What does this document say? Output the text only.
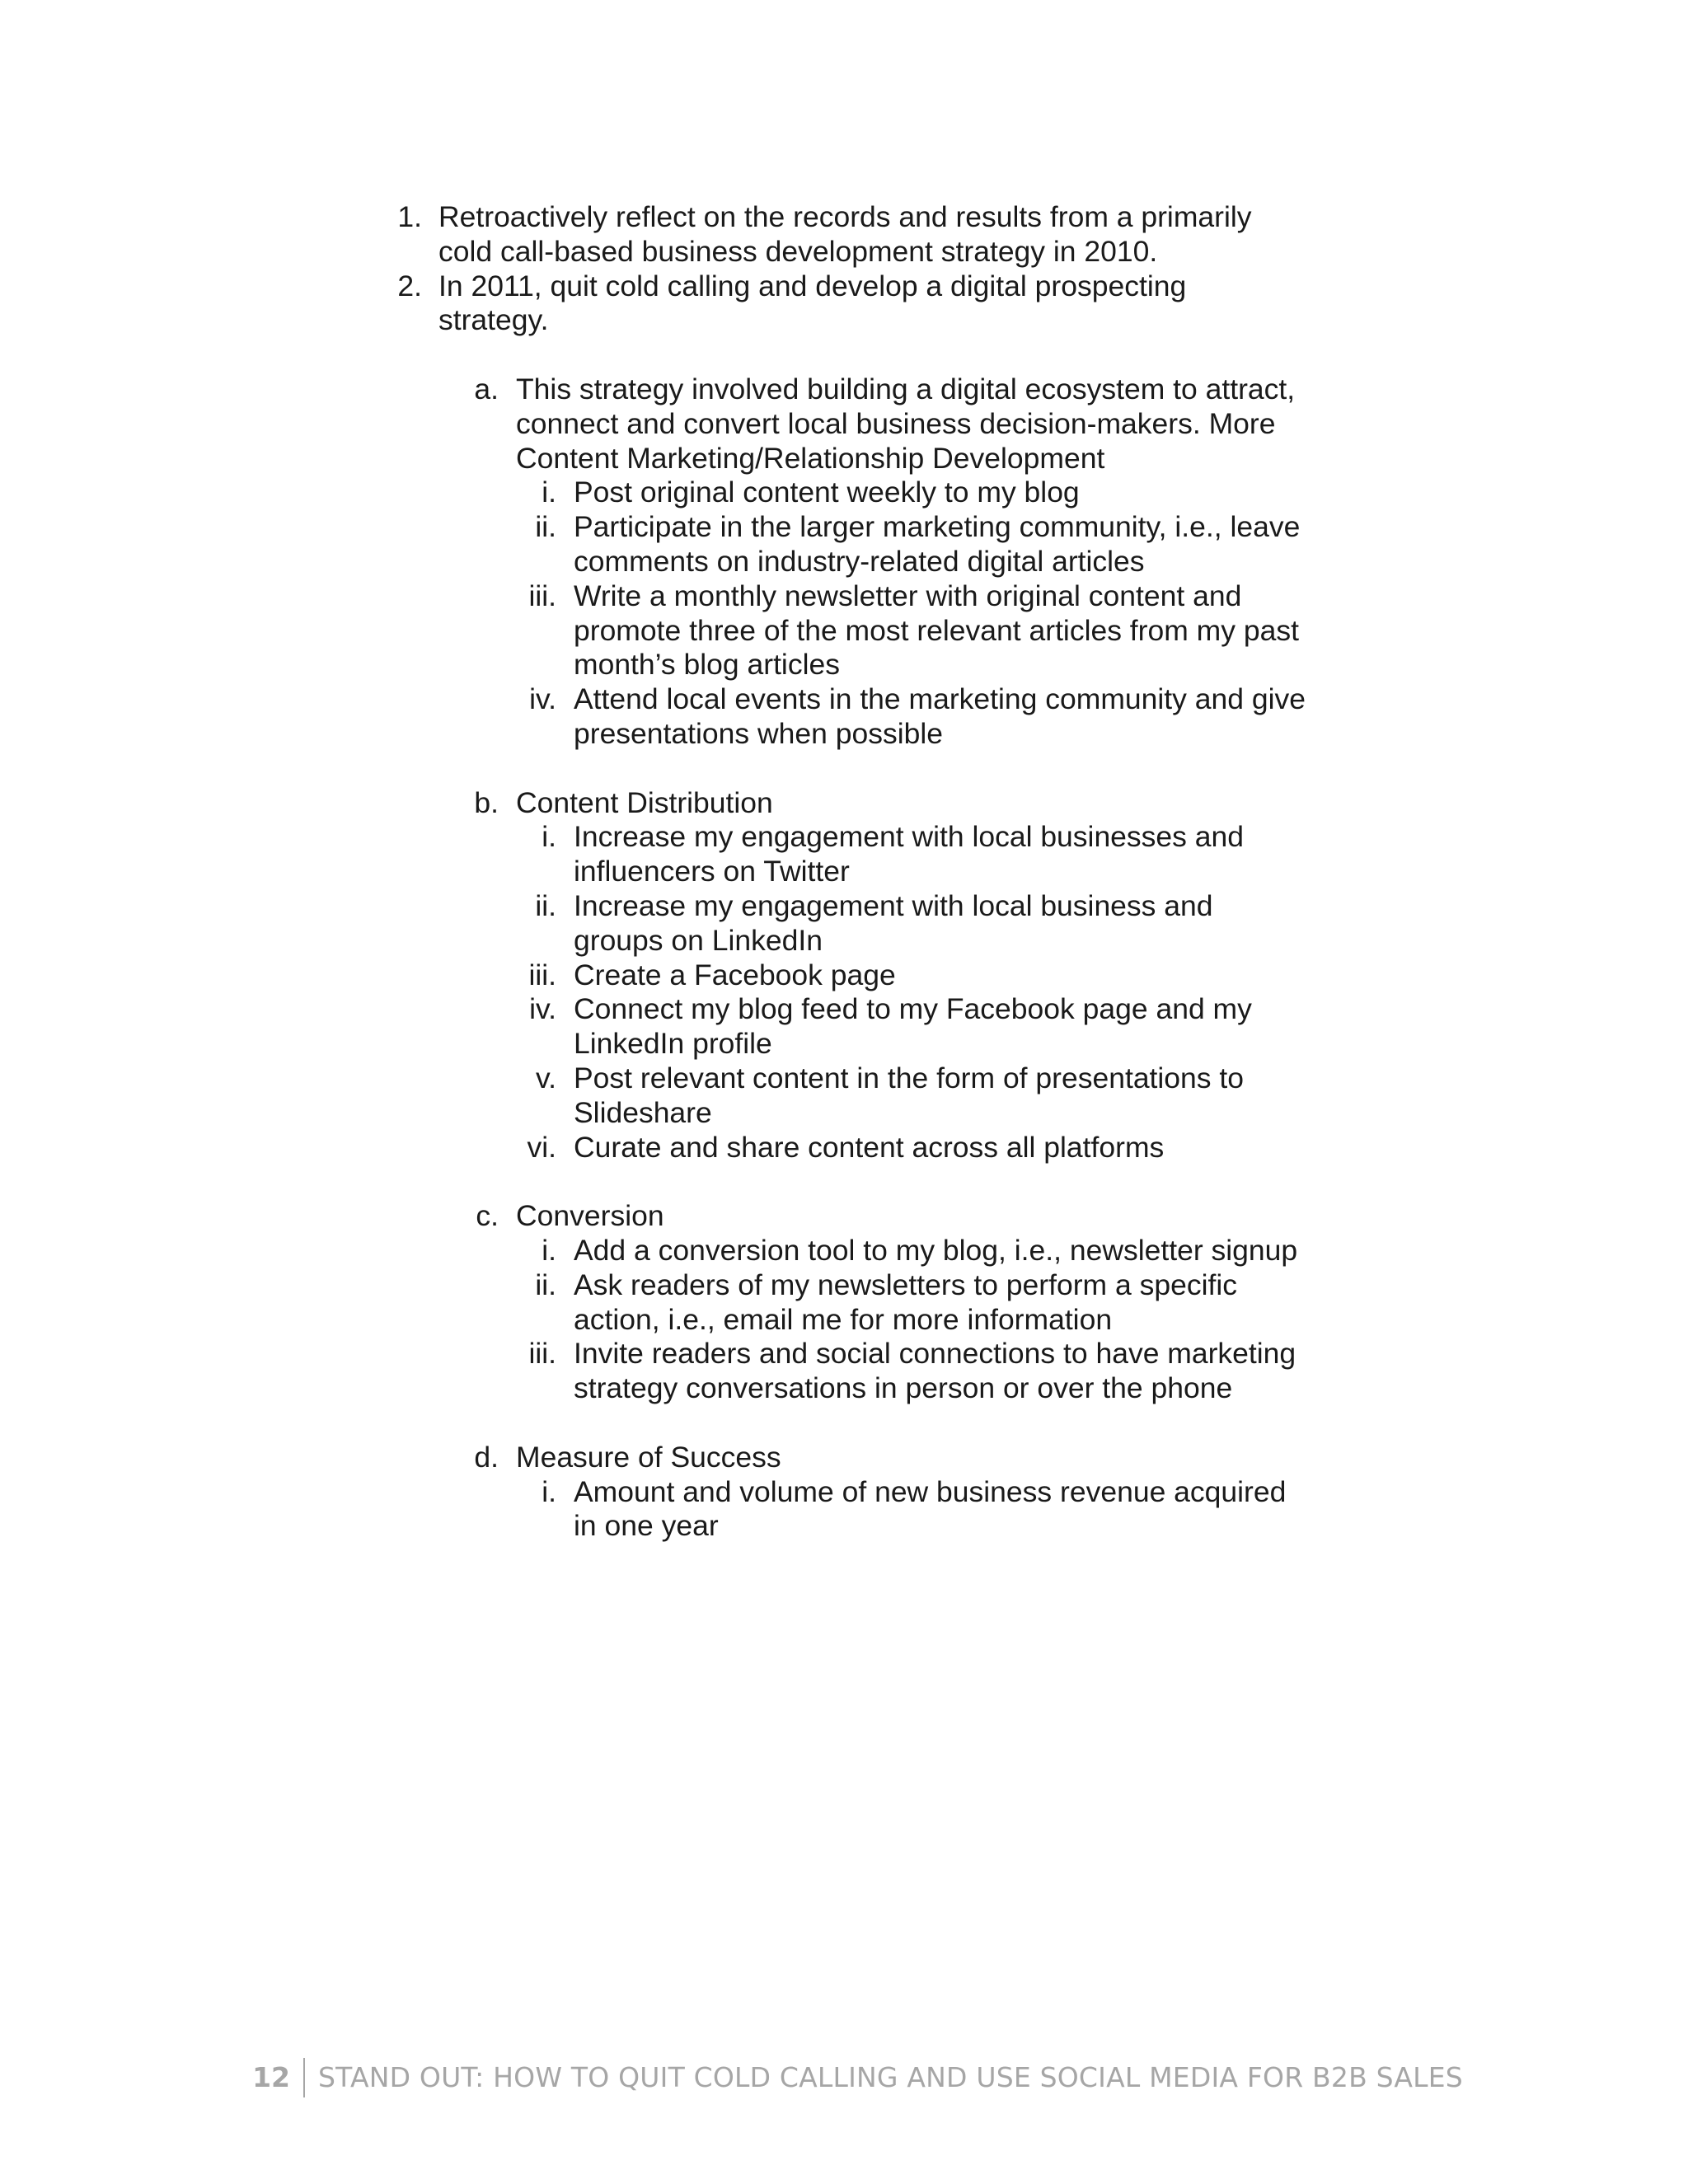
1. Retroactively reflect on the records and results from a primarily
cold call-based business development strategy in 2010.
2. In 2011, quit cold calling and develop a digital prospecting
strategy.
a. This strategy involved building a digital ecosystem to attract,
connect and convert local business decision-makers. More
Content Marketing/Relationship Development
i. Post original content weekly to my blog
ii. Participate in the larger marketing community, i.e., leave
comments on industry-related digital articles
iii. Write a monthly newsletter with original content and
promote three of the most relevant articles from my past
month’s blog articles
iv. Attend local events in the marketing community and give
presentations when possible
b. Content Distribution
i. Increase my engagement with local businesses and
influencers on Twitter
ii. Increase my engagement with local business and
groups on LinkedIn
iii. Create a Facebook page
iv. Connect my blog feed to my Facebook page and my
LinkedIn profile
v. Post relevant content in the form of presentations to
Slideshare
vi. Curate and share content across all platforms
c. Conversion
i. Add a conversion tool to my blog, i.e., newsletter signup
ii. Ask readers of my newsletters to perform a specific
action, i.e., email me for more information
iii. Invite readers and social connections to have marketing
strategy conversations in person or over the phone
d. Measure of Success
i. Amount and volume of new business revenue acquired
in one year
12 STAND OUT: HOW TO QUIT COLD CALLING AND USE SOCIAL MEDIA FOR B2B SALES
